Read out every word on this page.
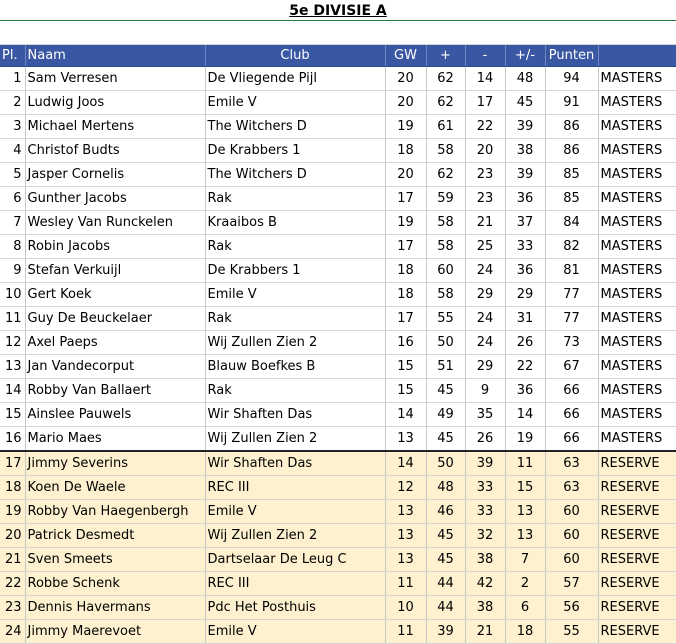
5e DIVISIE A
Pl.	Naam	Club	GW	+	-	+/-	Punten	
1	Sam Verresen	De Vliegende Pijl	20	62	14	48	94	MASTERS
2	Ludwig Joos	Emile V	20	62	17	45	91	MASTERS
3	Michael Mertens	The Witchers D	19	61	22	39	86	MASTERS
4	Christof Budts	De Krabbers 1	18	58	20	38	86	MASTERS
5	Jasper Cornelis	The Witchers D	20	62	23	39	85	MASTERS
6	Gunther Jacobs	Rak	17	59	23	36	85	MASTERS
7	Wesley Van Runckelen	Kraaibos B	19	58	21	37	84	MASTERS
8	Robin Jacobs	Rak	17	58	25	33	82	MASTERS
9	Stefan Verkuijl	De Krabbers 1	18	60	24	36	81	MASTERS
10	Gert Koek	Emile V	18	58	29	29	77	MASTERS
11	Guy De Beuckelaer	Rak	17	55	24	31	77	MASTERS
12	Axel Paeps	Wij Zullen Zien 2	16	50	24	26	73	MASTERS
13	Jan Vandecorput	Blauw Boefkes B	15	51	29	22	67	MASTERS
14	Robby Van Ballaert	Rak	15	45	9	36	66	MASTERS
15	Ainslee Pauwels	Wir Shaften Das	14	49	35	14	66	MASTERS
16	Mario Maes	Wij Zullen Zien 2	13	45	26	19	66	MASTERS
17	Jimmy Severins	Wir Shaften Das	14	50	39	11	63	RESERVE
18	Koen De Waele	REC III	12	48	33	15	63	RESERVE
19	Robby Van Haegenbergh	Emile V	13	46	33	13	60	RESERVE
20	Patrick Desmedt	Wij Zullen Zien 2	13	45	32	13	60	RESERVE
21	Sven Smeets	Dartselaar De Leug C	13	45	38	7	60	RESERVE
22	Robbe Schenk	REC III	11	44	42	2	57	RESERVE
23	Dennis Havermans	Pdc Het Posthuis	10	44	38	6	56	RESERVE
24	Jimmy Maerevoet	Emile V	11	39	21	18	55	RESERVE
